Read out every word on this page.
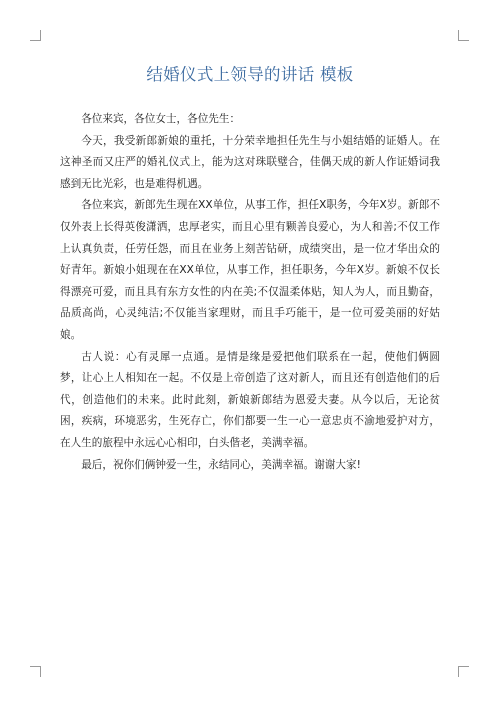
结婚仪式上领导的讲话 模板

各位来宾，各位女士，各位先生：

今天，我受新郎新娘的重托，十分荣幸地担任先生与小姐结婚的证婚人。在这神圣而又庄严的婚礼仪式上，能为这对珠联璧合，佳偶天成的新人作证婚词我感到无比光彩，也是难得机遇。

各位来宾，新郎先生现在XX单位，从事工作，担任X职务，今年X岁。新郎不仅外表上长得英俊潇洒，忠厚老实，而且心里有颗善良爱心，为人和善;不仅工作上认真负责，任劳任怨，而且在业务上刻苦钻研，成绩突出，是一位才华出众的好青年。新娘小姐现在在XX单位，从事工作，担任职务，今年X岁。新娘不仅长得漂亮可爱，而且具有东方女性的内在美;不仅温柔体贴，知人为人，而且勤奋，品质高尚，心灵纯洁;不仅能当家理财，而且手巧能干，是一位可爱美丽的好姑娘。

古人说：心有灵犀一点通。是情是缘是爱把他们联系在一起，使他们俩圆梦，让心上人相知在一起。不仅是上帝创造了这对新人，而且还有创造他们的后代，创造他们的未来。此时此刻，新娘新郎结为恩爱夫妻。从今以后，无论贫困，疾病，环境恶劣，生死存亡，你们都要一生一心一意忠贞不渝地爱护对方，在人生的旅程中永远心心相印，白头偕老，美满幸福。

最后，祝你们俩钟爱一生，永结同心，美满幸福。谢谢大家!
